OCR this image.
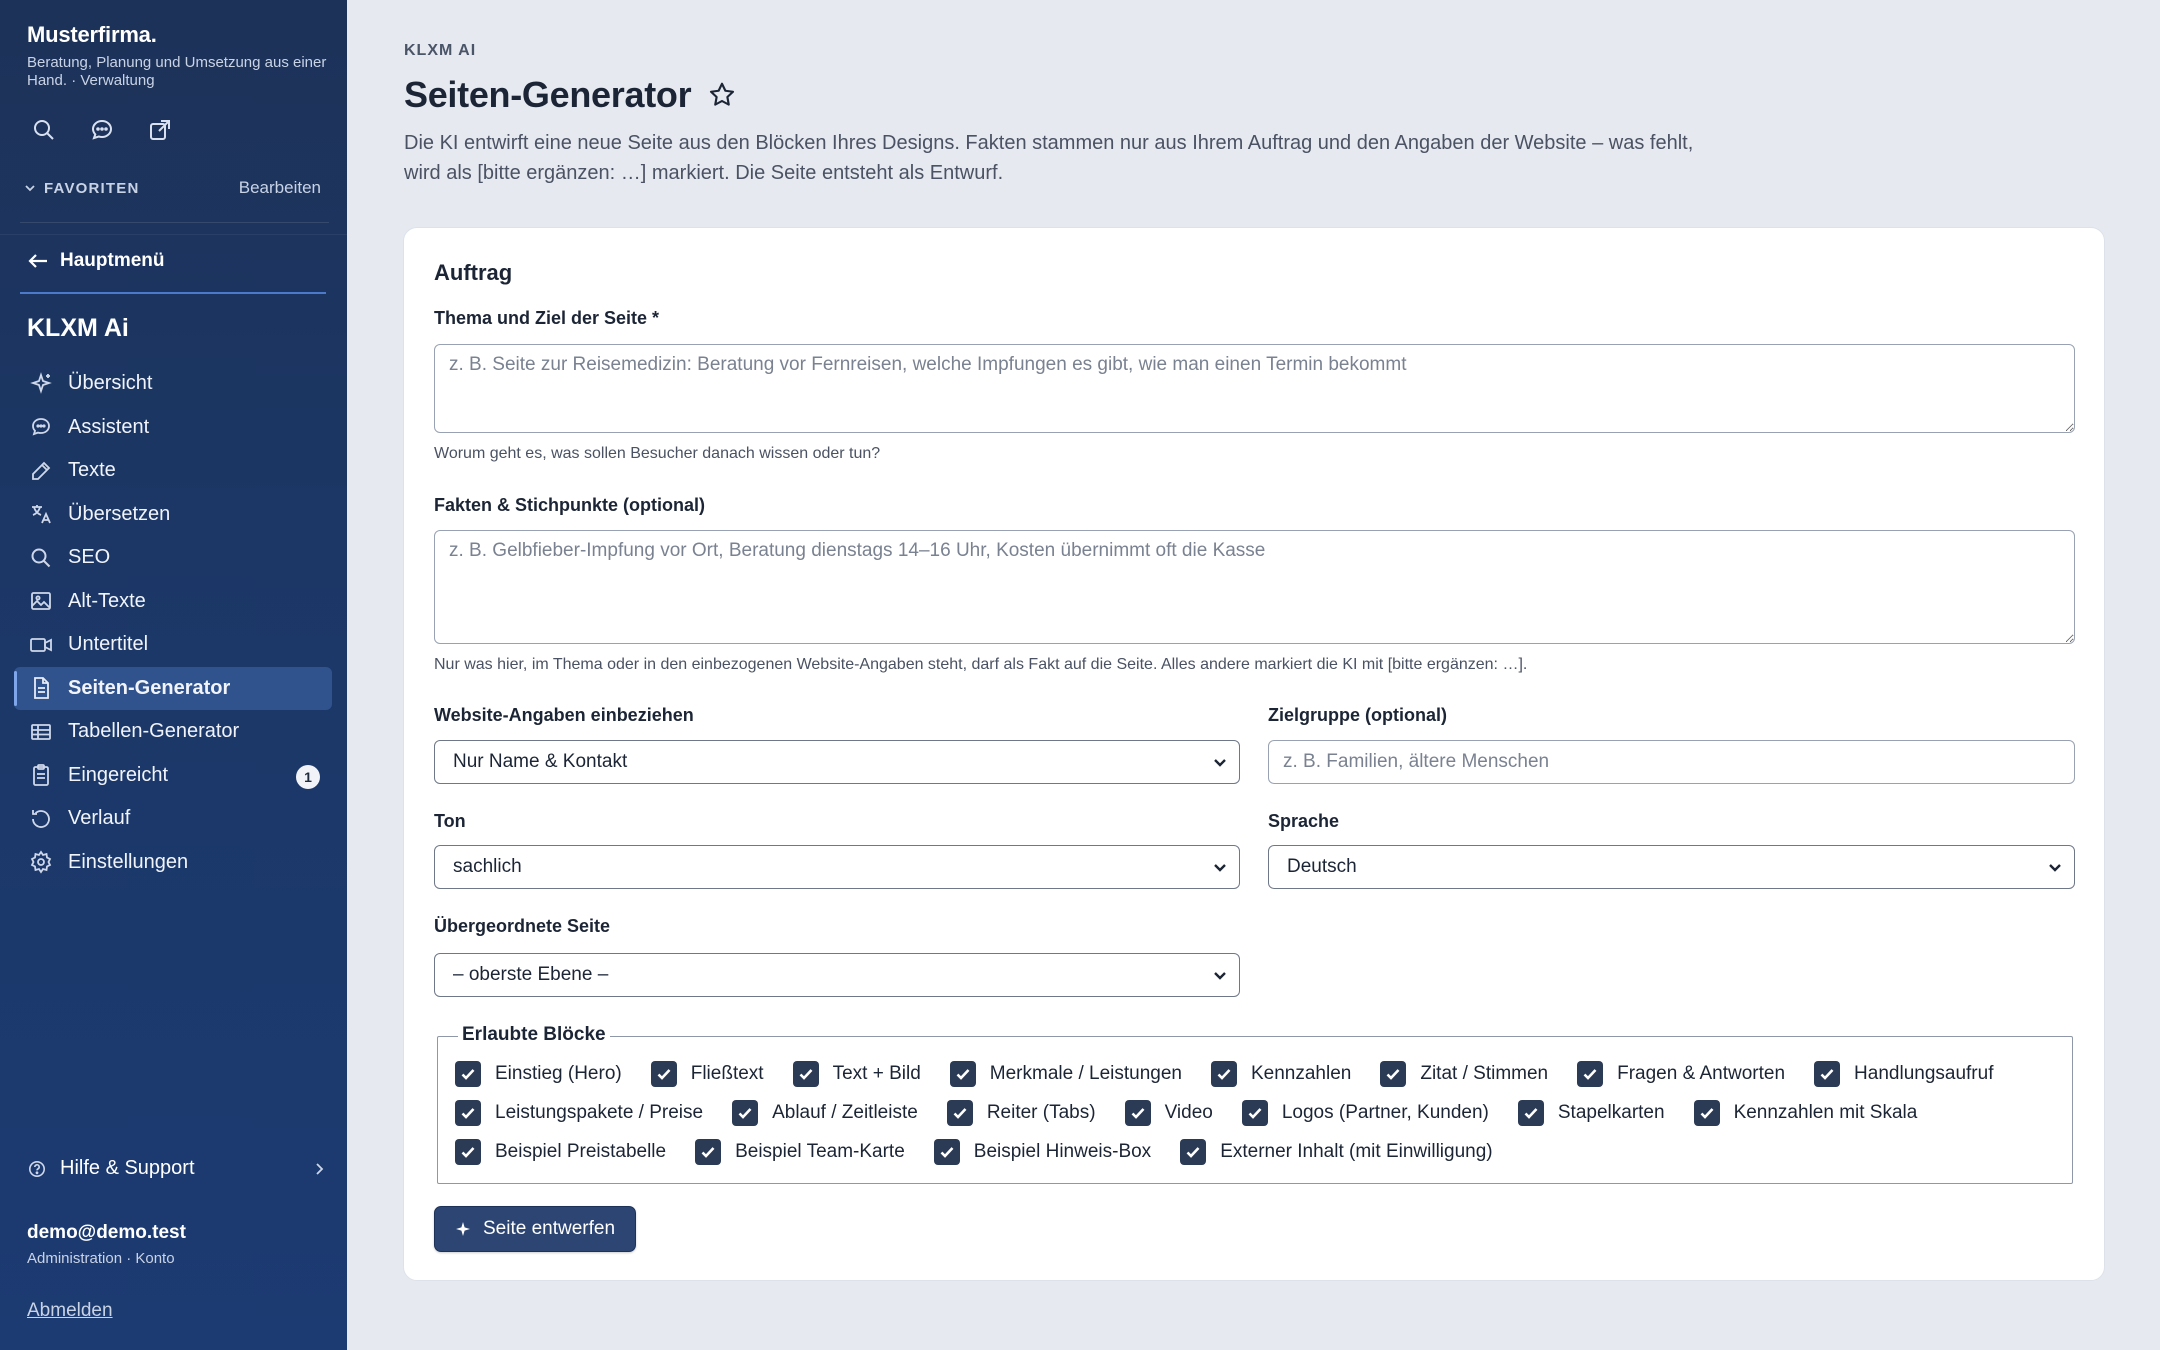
Musterfirma.
Beratung, Planung und Umsetzung aus einer Hand. · Verwaltung
FAVORITEN	Bearbeiten
Hauptmenü
KLXM Ai
Übersicht
Assistent
Texte
Übersetzen
SEO
Alt-Texte
Untertitel
Seiten-Generator
Tabellen-Generator
Eingereicht	1
Verlauf
Einstellungen
Hilfe & Support
demo@demo.test
Administration · Konto
Abmelden
KLXM AI
Seiten-Generator

Die KI entwirft eine neue Seite aus den Blöcken Ihres Designs. Fakten stammen nur aus Ihrem Auftrag und den Angaben der Website – was fehlt, wird als [bitte ergänzen: …] markiert. Die Seite entsteht als Entwurf.

Auftrag
Thema und Ziel der Seite *
z. B. Seite zur Reisemedizin: Beratung vor Fernreisen, welche Impfungen es gibt, wie man einen Termin bekommt
Worum geht es, was sollen Besucher danach wissen oder tun?
Fakten & Stichpunkte (optional)
z. B. Gelbfieber-Impfung vor Ort, Beratung dienstags 14–16 Uhr, Kosten übernimmt oft die Kasse
Nur was hier, im Thema oder in den einbezogenen Website-Angaben steht, darf als Fakt auf die Seite. Alles andere markiert die KI mit [bitte ergänzen: …].
Website-Angaben einbeziehen
Nur Name & Kontakt
Zielgruppe (optional)
z. B. Familien, ältere Menschen
Ton
sachlich
Sprache
Deutsch
Übergeordnete Seite
– oberste Ebene –
Erlaubte Blöcke
Einstieg (Hero)	Fließtext	Text + Bild	Merkmale / Leistungen	Kennzahlen	Zitat / Stimmen	Fragen & Antworten	Handlungsaufruf
Leistungspakete / Preise	Ablauf / Zeitleiste	Reiter (Tabs)	Video	Logos (Partner, Kunden)	Stapelkarten	Kennzahlen mit Skala
Beispiel Preistabelle	Beispiel Team-Karte	Beispiel Hinweis-Box	Externer Inhalt (mit Einwilligung)
Seite entwerfen
